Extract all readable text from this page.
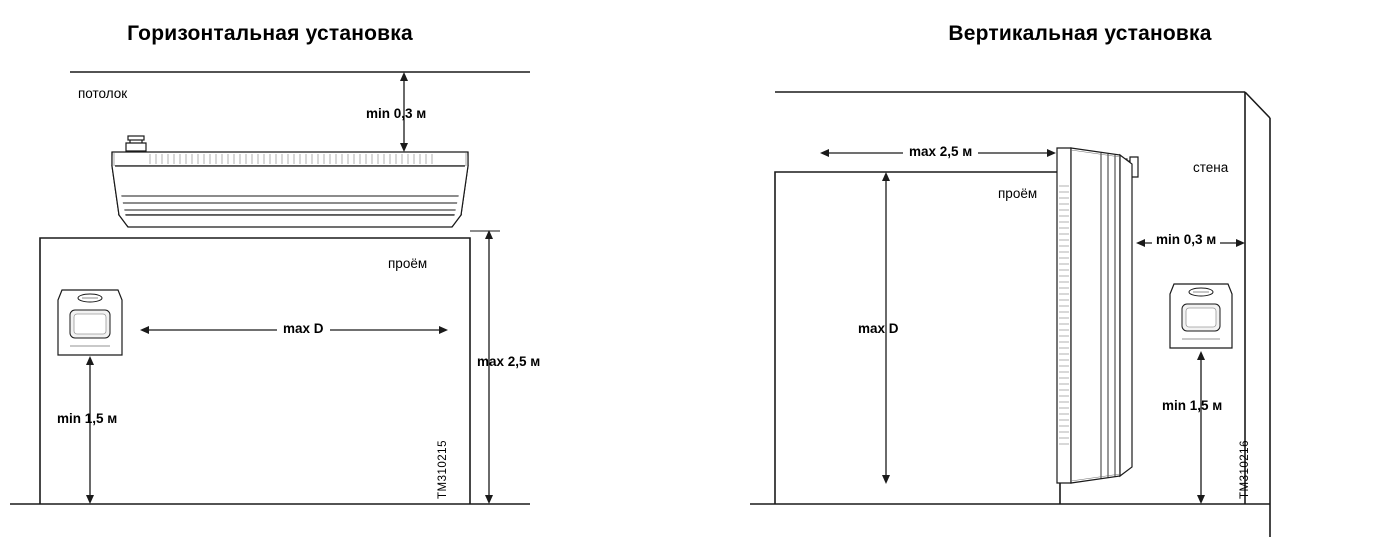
Горизонтальная установка
потолок
min 0,3 м
проём
max D
max 2,5 м
min 1,5 м
TM310215
Вертикальная установка
max 2,5 м
проём
стена
min 0,3 м
max D
min 1,5 м
TM310216
